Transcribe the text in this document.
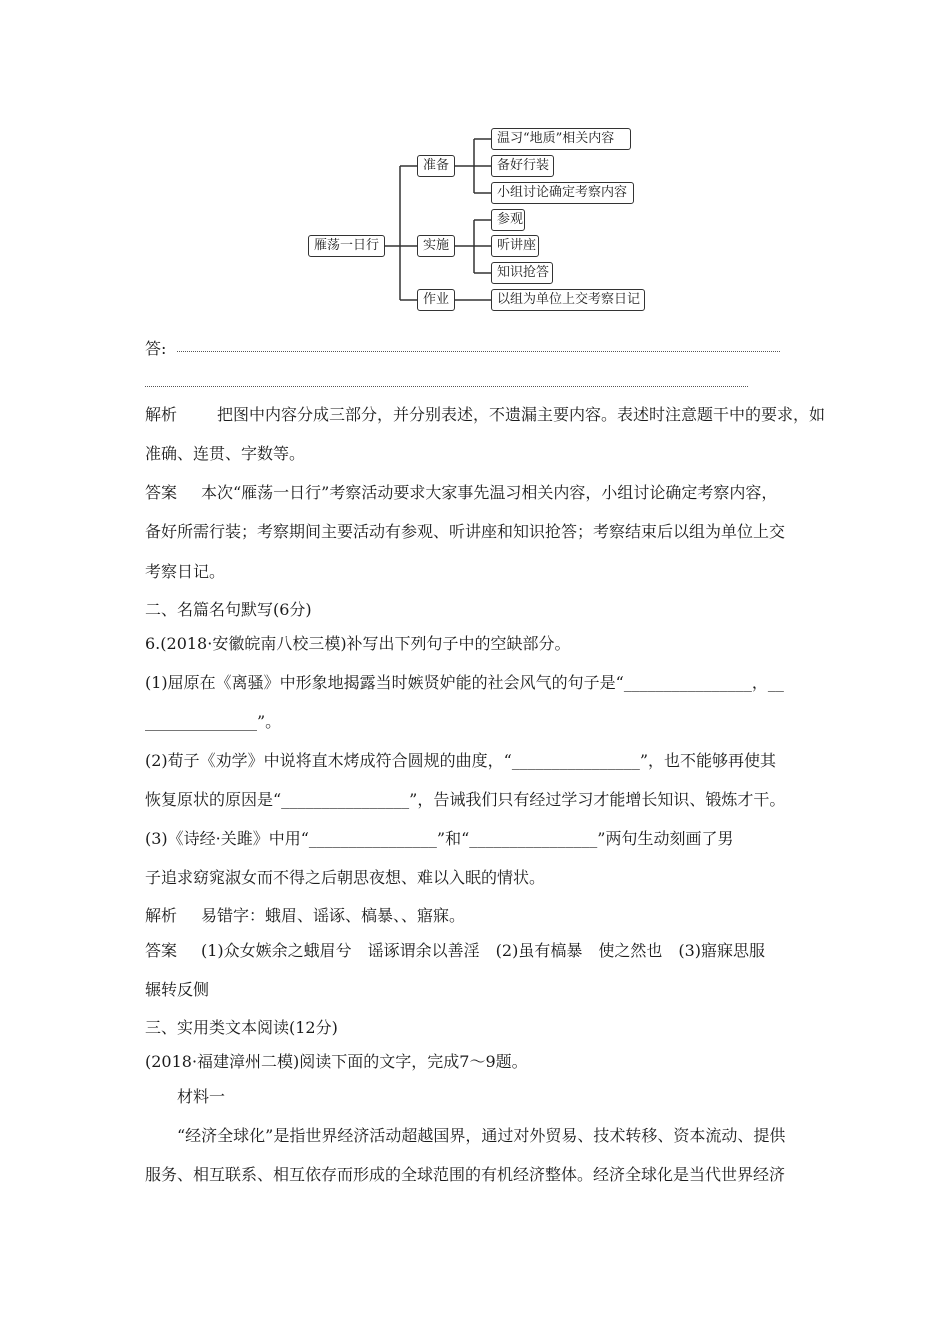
雁荡一日行
准备
实施
作业
温习“地质”相关内容
备好行装
小组讨论确定考察内容
参观
听讲座
知识抢答
以组为单位上交考察日记
答:
解析 把图中内容分成三部分，并分别表述，不遗漏主要内容。表述时注意题干中的要求，如
准确、连贯、字数等。
答案 本次“雁荡一日行”考察活动要求大家事先温习相关内容，小组讨论确定考察内容，
备好所需行装；考察期间主要活动有参观、听讲座和知识抢答；考察结束后以组为单位上交
考察日记。
二、名篇名句默写(6分)
6.(2018·安徽皖南八校三模)补写出下列句子中的空缺部分。
(1)屈原在《离骚》中形象地揭露当时嫉贤妒能的社会风气的句子是“________________，__
______________”。
(2)荀子《劝学》中说将直木烤成符合圆规的曲度，“________________”，也不能够再使其
恢复原状的原因是“________________”，告诫我们只有经过学习才能增长知识、锻炼才干。
(3)《诗经·关雎》中用“________________”和“________________”两句生动刻画了男
子追求窈窕淑女而不得之后朝思夜想、难以入眠的情状。
解析 易错字：蛾眉、谣诼、槁暴、、寤寐。
答案 (1)众女嫉余之蛾眉兮　谣诼谓余以善淫　(2)虽有槁暴　使之然也　(3)寤寐思服
辗转反侧
三、实用类文本阅读(12分)
(2018·福建漳州二模)阅读下面的文字，完成7～9题。
材料一
“经济全球化”是指世界经济活动超越国界，通过对外贸易、技术转移、资本流动、提供
服务、相互联系、相互依存而形成的全球范围的有机经济整体。经济全球化是当代世界经济
